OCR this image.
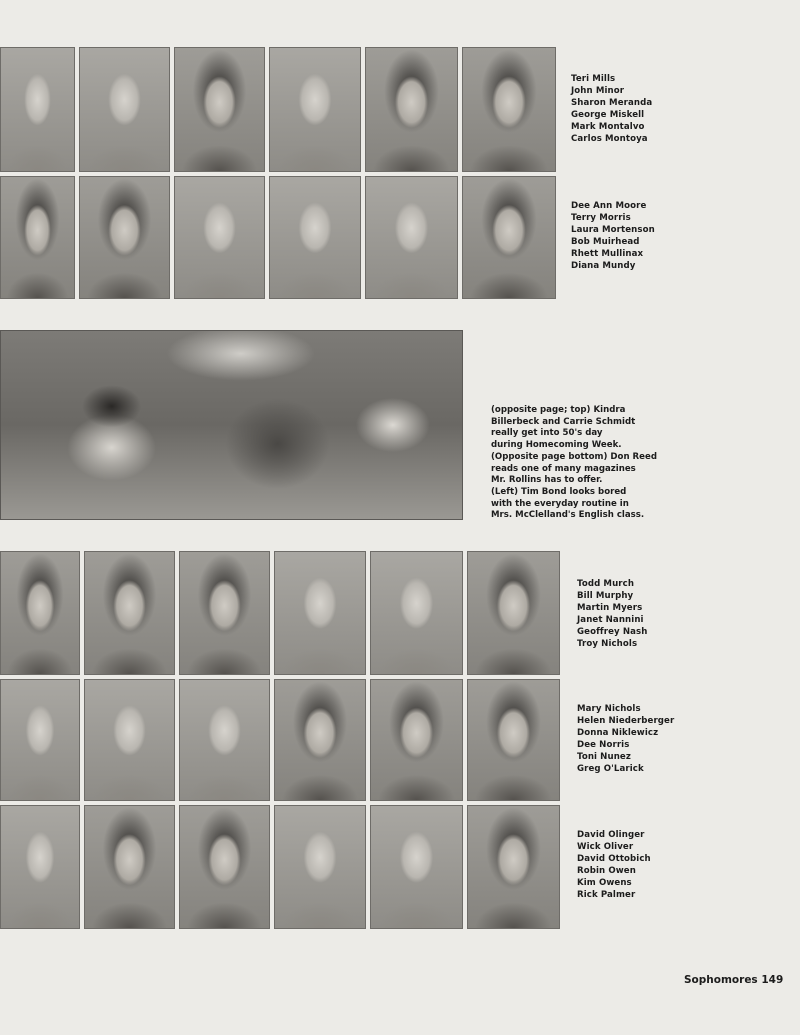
Teri Mills
John Minor
Sharon Meranda
George Miskell
Mark Montalvo
Carlos Montoya
Dee Ann Moore
Terry Morris
Laura Mortenson
Bob Muirhead
Rhett Mullinax
Diana Mundy

(opposite page; top) Kindra

Billerbeck and Carrie Schmidt

really get into 50's day

during Homecoming Week.

(Opposite page bottom) Don Reed

reads one of many magazines

Mr. Rollins has to offer.

(Left) Tim Bond looks bored

with the everyday routine in

Mrs. McClelland's English class.

Todd Murch
Bill Murphy
Martin Myers
Janet Nannini
Geoffrey Nash
Troy Nichols
Mary Nichols
Helen Niederberger
Donna Niklewicz
Dee Norris
Toni Nunez
Greg O'Larick
David Olinger
Wick Oliver
David Ottobich
Robin Owen
Kim Owens
Rick Palmer
Sophomores 149
